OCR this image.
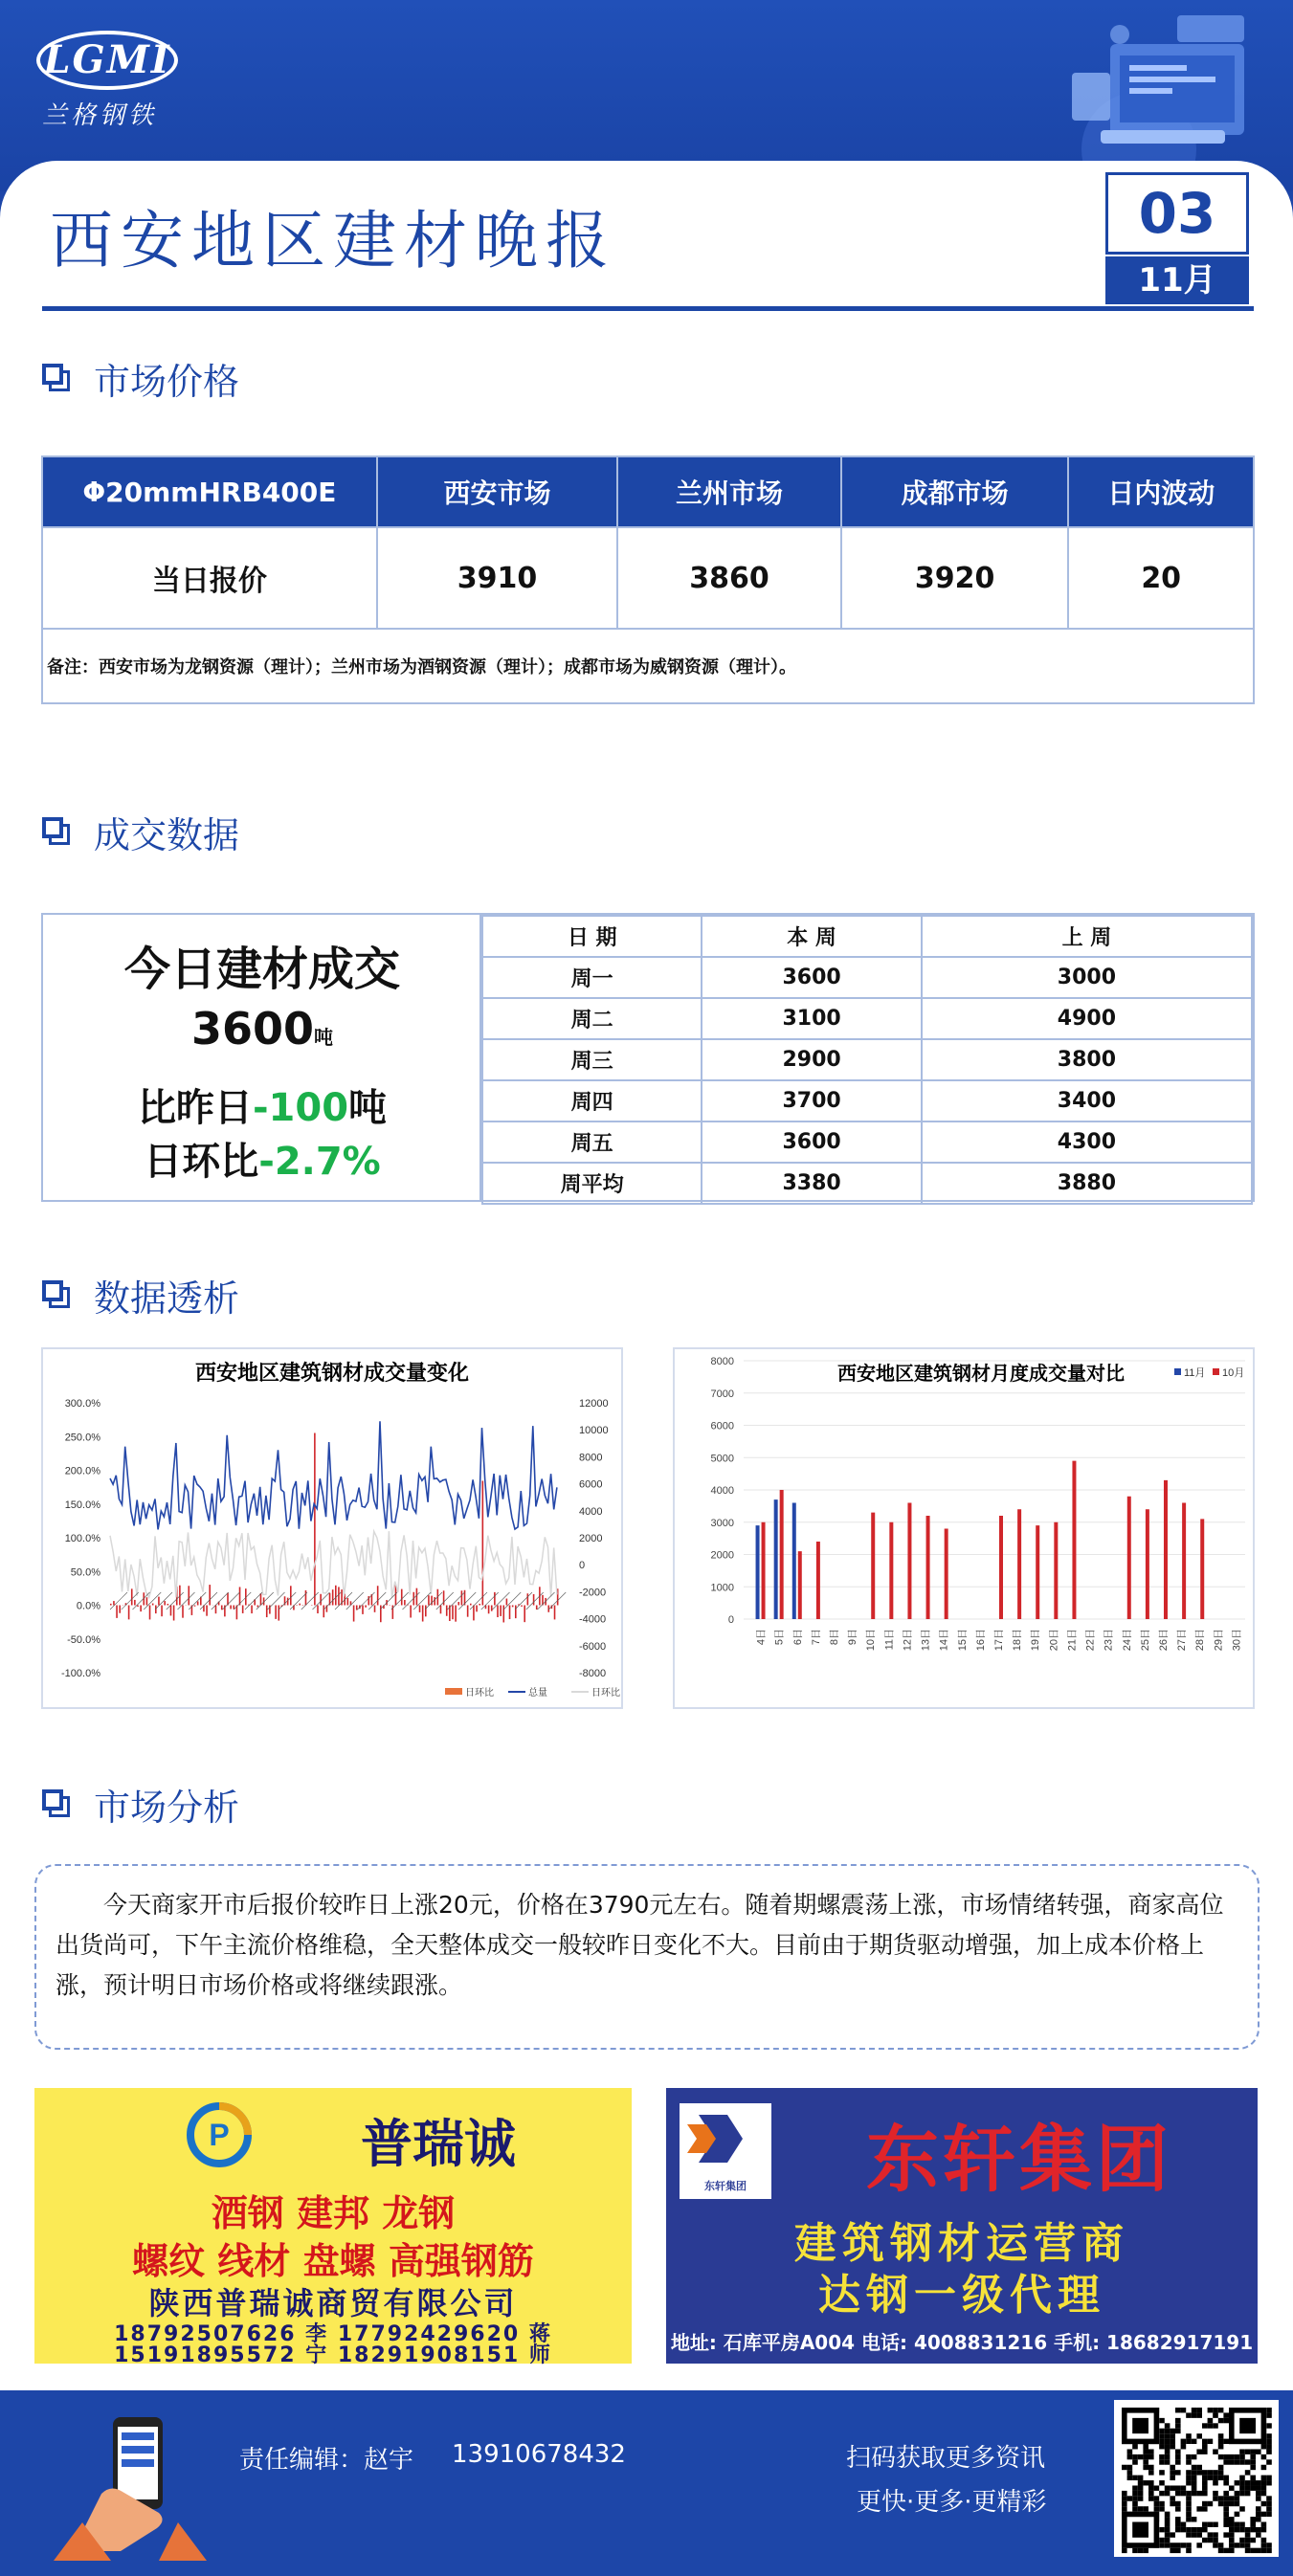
LGMI
兰格钢铁
西安地区建材晚报	03
11月
市场价格
Φ20mmHRB400E	西安市场	兰州市场	成都市场	日内波动
当日报价	3910	3860	3920	20
备注：西安市场为龙钢资源（理计）；兰州市场为酒钢资源（理计）；成都市场为威钢资源（理计）。				
成交数据
今日建材成交
3600吨
比昨日-100吨
日环比-2.7%
日 期	本 周	上 周
周一	3600	3000
周二	3100	4900
周三	2900	3800
周四	3700	3400
周五	3600	4300
周平均	3380	3880
数据透析
西安地区建筑钢材成交量变化
300.0%
250.0%
200.0%
150.0%
100.0%
50.0%
0.0%
-50.0%
-100.0%
12000
10000
8000
6000
4000
2000
0
-2000
-4000
-6000
-8000
日环比	总量	日环比
8000
7000
6000
5000
4000
3000
2000
1000
0
西安地区建筑钢材月度成交量对比	11月 10月
4日 5日 6日 7日 8日 9日 10日 11日 12日 13日 14日 15日 16日 17日 18日 19日 20日 21日 22日 23日 24日 25日 26日 27日 28日 29日 30日
市场分析
今天商家开市后报价较昨日上涨20元，价格在3790元左右。随着期螺震荡上涨，市场情绪转强，商家高位出货尚可，下午主流价格维稳，全天整体成交一般较昨日变化不大。目前由于期货驱动增强，加上成本价格上涨，预计明日市场价格或将继续跟涨。
P	普瑞诚
酒钢 建邦 龙钢
螺纹 线材 盘螺 高强钢筋
陕西普瑞诚商贸有限公司
18792507626 李 17792429620 蒋
15191895572 宁 18291908151 师
东轩集团	东轩集团
建筑钢材运营商
达钢一级代理
地址: 石库平房A004 电话: 4008831216 手机: 18682917191
责任编辑：赵宇 13910678432	扫码获取更多资讯
更快·更多·更精彩
